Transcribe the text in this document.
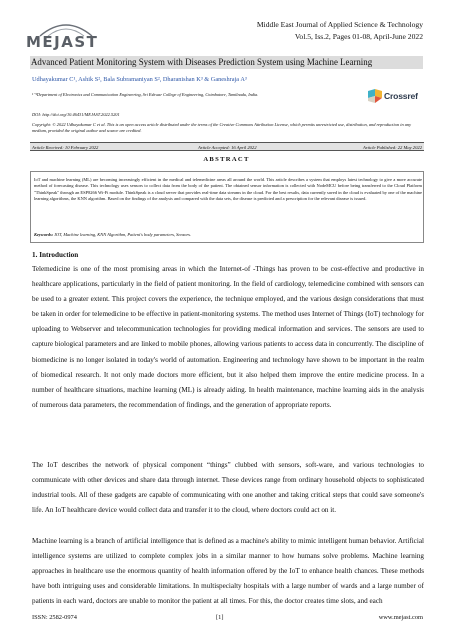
MEJAST
Middle East Journal of Applied Science & Technology
Vol.5, Iss.2, Pages 01-08, April-June 2022
Advanced Patient Monitoring System with Diseases Prediction System using Machine Learning
Udhayakumar C¹, Ashik S², Bala Subramaniyan S², Dharanishan K³ & Ganeshraja A³
¹⁻³Department of Electronics and Communication Engineering, Sri Eshwar College of Engineering, Coimbatore, Tamilnadu, India.	Crossref
DOI: http://doi.org/10.46431/MEJAST.2022.5201
Copyright: © 2022 Udhayakumar C et al. This is an open access article distributed under the terms of the Creative Commons Attribution License, which permits unrestricted use, distribution, and reproduction in any medium, provided the original author and source are credited.
Article Received: 10 February 2022	Article Accepted: 16 April 2022	Article Published: 22 May 2022
ABSTRACT
IoT and machine learning (ML) are becoming increasingly efficient in the medical and telemedicine areas all around the world. This article describes a system that employs latest technology to give a more accurate method of forecasting disease. This technology uses sensors to collect data from the body of the patient. The obtained sensor information is collected with NodeMCU before being transferred to the Cloud Platform "ThinkSpeak" through an ESP8266 Wi-Fi module. ThinkSpeak is a cloud server that provides real-time data streams in the cloud. For the best results, data currently saved in the cloud is evaluated by one of the machine learning algorithms, the KNN algorithm. Based on the findings of the analysis and compared with the data sets, the disease is predicted and a prescription for the relevant disease is issued.
Keywords: IOT, Machine learning, KNN Algorithm, Patient's body parameters, Sensors.
1. Introduction
Telemedicine is one of the most promising areas in which the Internet-of -Things has proven to be cost-effective and productive in healthcare applications, particularly in the field of patient monitoring. In the field of cardiology, telemedicine combined with sensors can be used to a greater extent. This project covers the experience, the technique employed, and the various design considerations that must be taken in order for telemedicine to be effective in patient-monitoring systems. The method uses Internet of Things (IoT) technology for uploading to Webserver and telecommunication technologies for providing medical information and services. The sensors are used to capture biological parameters and are linked to mobile phones, allowing various patients to access data in concurrently. The discipline of biomedicine is no longer isolated in today's world of automation. Engineering and technology have shown to be important in the realm of biomedical research. It not only made doctors more efficient, but it also helped them improve the entire medicine process. In a number of healthcare situations, machine learning (ML) is already aiding. In health maintenance, machine learning aids in the analysis of numerous data parameters, the recommendation of findings, and the generation of appropriate reports.
The IoT describes the network of physical component “things” clubbed with sensors, soft-ware, and various technologies to communicate with other devices and share data through internet. These devices range from ordinary household objects to sophisticated industrial tools. All of these gadgets are capable of communicating with one another and taking critical steps that could save someone's life. An IoT healthcare device would collect data and transfer it to the cloud, where doctors could act on it.
Machine learning is a branch of artificial intelligence that is defined as a machine's ability to mimic intelligent human behavior. Artificial intelligence systems are utilized to complete complex jobs in a similar manner to how humans solve problems. Machine learning approaches in healthcare use the enormous quantity of health information offered by the IoT to enhance health chances. These methods have both intriguing uses and considerable limitations. In multispecialty hospitals with a large number of wards and a large number of patients in each ward, doctors are unable to monitor the patient at all times. For this, the doctor creates time slots, and each
ISSN: 2582-0974	[1]	www.mejast.com
